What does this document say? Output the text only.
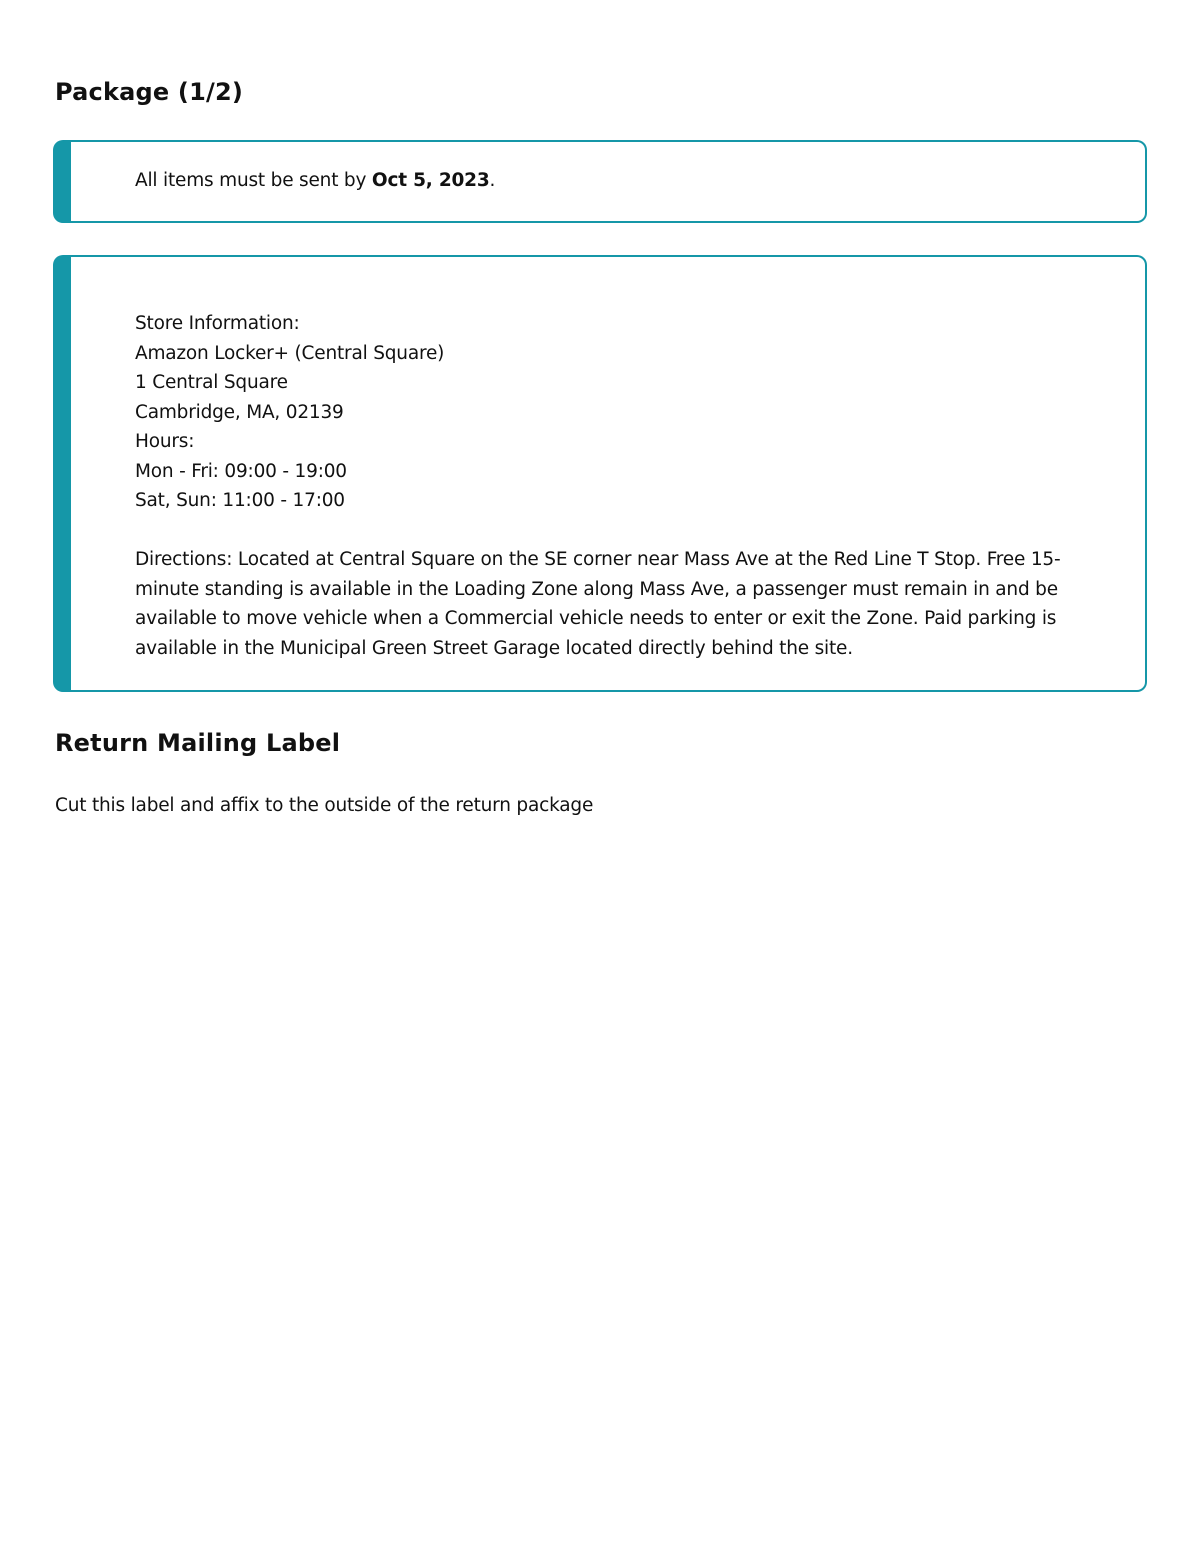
Package (1/2)
All items must be sent by Oct 5, 2023.
Store Information:
Amazon Locker+ (Central Square)
1 Central Square
Cambridge, MA, 02139
Hours:
Mon - Fri: 09:00 - 19:00
Sat, Sun: 11:00 - 17:00
Directions: Located at Central Square on the SE corner near Mass Ave at the Red Line T Stop. Free 15-minute standing is available in the Loading Zone along Mass Ave, a passenger must remain in and be available to move vehicle when a Commercial vehicle needs to enter or exit the Zone. Paid parking is available in the Municipal Green Street Garage located directly behind the site.
Return Mailing Label

Cut this label and affix to the outside of the return package
